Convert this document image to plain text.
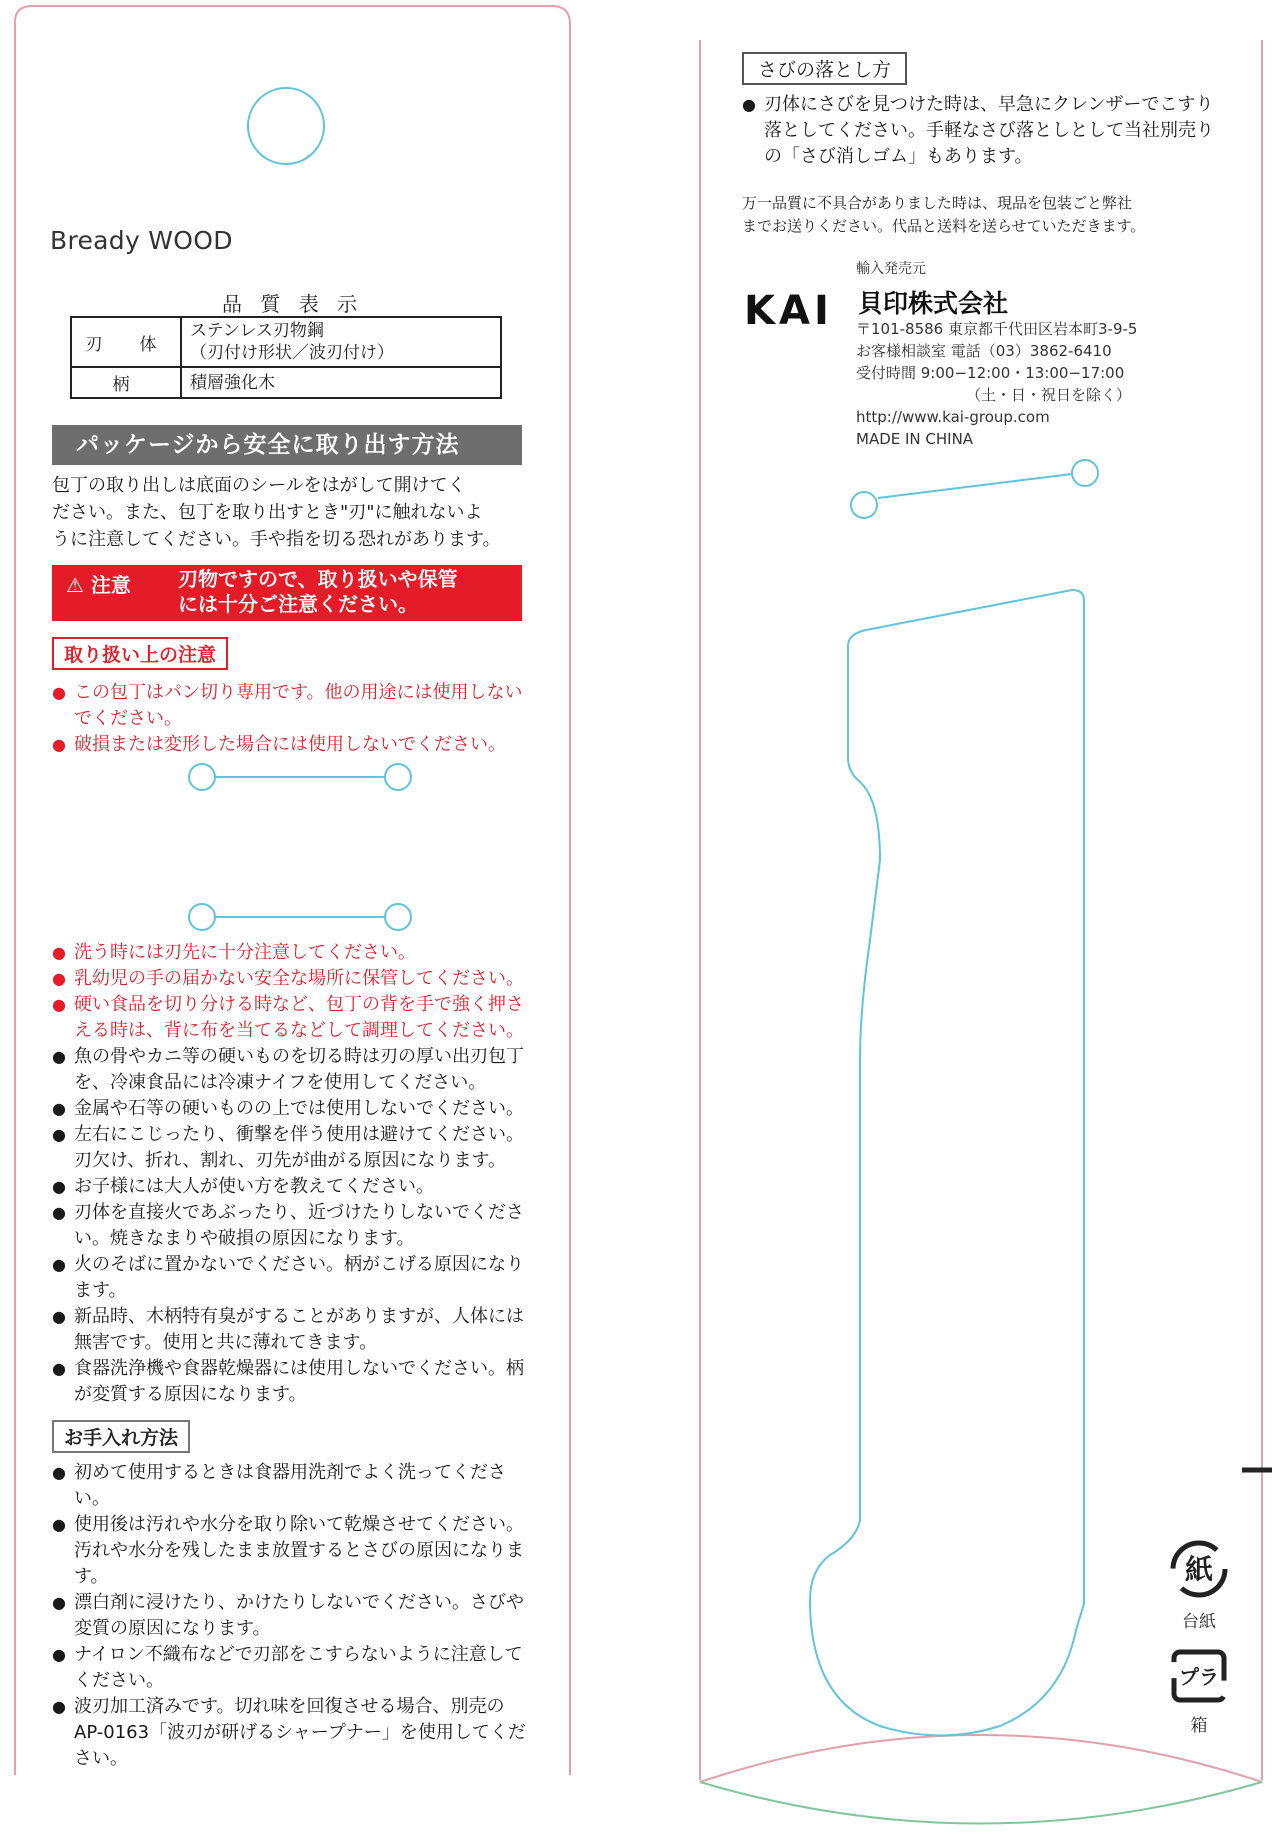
Bready WOOD
品 質 表 示
刃　体	ステンレス刃物鋼
（刃付け形状／波刃付け）

柄	積層強化木
パッケージから安全に取り出す方法
包丁の取り出しは底面のシールをはがして開けてく
ださい。また、包丁を取り出すとき"刃"に触れないよ
うに注意してください。手や指を切る恐れがあります。
⚠ 注意 刃物ですので、取り扱いや保管
には十分ご注意ください。
取り扱い上の注意
● この包丁はパン切り専用です。他の用途には使用しないでください。
● 破損または変形した場合には使用しないでください。
● 洗う時には刃先に十分注意してください。
● 乳幼児の手の届かない安全な場所に保管してください。
● 硬い食品を切り分ける時など、包丁の背を手で強く押さえる時は、背に布を当てるなどして調理してください。
● 魚の骨やカニ等の硬いものを切る時は刃の厚い出刃包丁を、冷凍食品には冷凍ナイフを使用してください。
● 金属や石等の硬いものの上では使用しないでください。
● 左右にこじったり、衝撃を伴う使用は避けてください。刃欠け、折れ、割れ、刃先が曲がる原因になります。
● お子様には大人が使い方を教えてください。
● 刃体を直接火であぶったり、近づけたりしないでください。焼きなまりや破損の原因になります。
● 火のそばに置かないでください。柄がこげる原因になります。
● 新品時、木柄特有臭がすることがありますが、人体には無害です。使用と共に薄れてきます。
● 食器洗浄機や食器乾燥器には使用しないでください。柄が変質する原因になります。
お手入れ方法
● 初めて使用するときは食器用洗剤でよく洗ってください。
● 使用後は汚れや水分を取り除いて乾燥させてください。汚れや水分を残したまま放置するとさびの原因になります。
● 漂白剤に浸けたり、かけたりしないでください。さびや変質の原因になります。
● ナイロン不織布などで刃部をこすらないように注意してください。
● 波刃加工済みです。切れ味を回復させる場合、別売のAP-0163「波刃が研げるシャープナー」を使用してください。
さびの落とし方
● 刃体にさびを見つけた時は、早急にクレンザーでこすり落としてください。手軽なさび落としとして当社別売りの「さび消しゴム」もあります。
万一品質に不具合がありました時は、現品を包装ごと弊社
までお送りください。代品と送料を送らせていただきます。
輸入発売元
KAI 貝印株式会社
〒101-8586 東京都千代田区岩本町3-9-5
お客様相談室 電話（03）3862-6410
受付時間 9:00−12:00・13:00−17:00
（土・日・祝日を除く）
http://www.kai-group.com
MADE IN CHINA
紙
台紙
プラ
箱
